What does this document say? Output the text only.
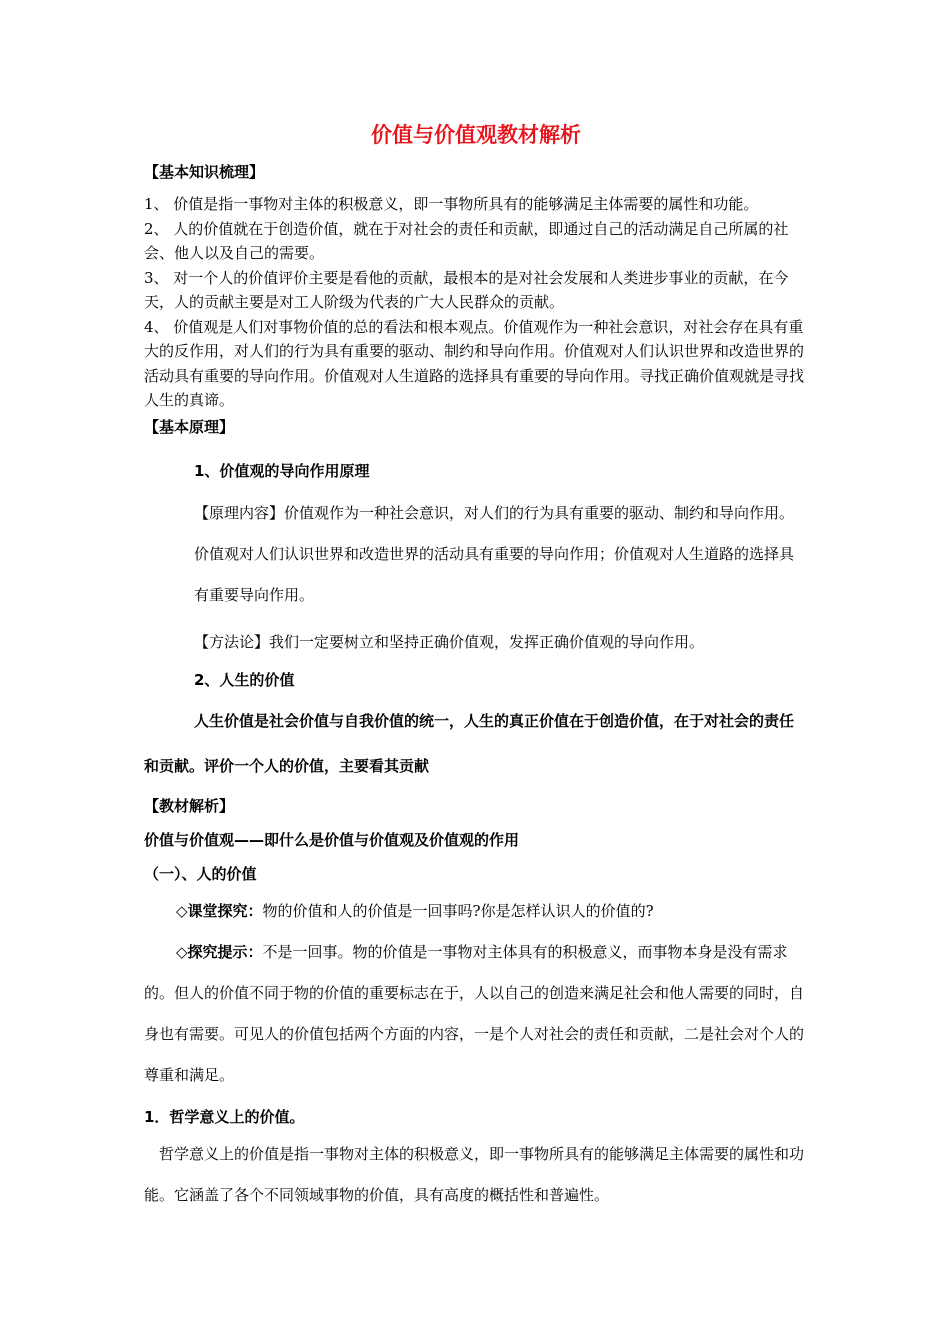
价值与价值观教材解析
【基本知识梳理】
1、 价值是指一事物对主体的积极意义，即一事物所具有的能够满足主体需要的属性和功能。
2、 人的价值就在于创造价值，就在于对社会的责任和贡献，即通过自己的活动满足自己所属的社会、他人以及自己的需要。
3、 对一个人的价值评价主要是看他的贡献，最根本的是对社会发展和人类进步事业的贡献，在今天，人的贡献主要是对工人阶级为代表的广大人民群众的贡献。
4、 价值观是人们对事物价值的总的看法和根本观点。价值观作为一种社会意识，对社会存在具有重大的反作用，对人们的行为具有重要的驱动、制约和导向作用。价值观对人们认识世界和改造世界的活动具有重要的导向作用。价值观对人生道路的选择具有重要的导向作用。寻找正确价值观就是寻找人生的真谛。
【基本原理】
1、价值观的导向作用原理
【原理内容】价值观作为一种社会意识，对人们的行为具有重要的驱动、制约和导向作用。价值观对人们认识世界和改造世界的活动具有重要的导向作用；价值观对人生道路的选择具有重要导向作用。
【方法论】我们一定要树立和坚持正确价值观，发挥正确价值观的导向作用。
2、人生的价值
人生价值是社会价值与自我价值的统一，人生的真正价值在于创造价值，在于对社会的责任和贡献。评价一个人的价值，主要看其贡献
【教材解析】
价值与价值观——即什么是价值与价值观及价值观的作用
（一）、人的价值
◇课堂探究：物的价值和人的价值是一回事吗?你是怎样认识人的价值的?
◇探究提示：不是一回事。物的价值是一事物对主体具有的积极意义，而事物本身是没有需求的。但人的价值不同于物的价值的重要标志在于，人以自己的创造来满足社会和他人需要的同时，自身也有需要。可见人的价值包括两个方面的内容，一是个人对社会的责任和贡献，二是社会对个人的尊重和满足。
1．哲学意义上的价值。
哲学意义上的价值是指一事物对主体的积极意义，即一事物所具有的能够满足主体需要的属性和功能。它涵盖了各个不同领域事物的价值，具有高度的概括性和普遍性。
